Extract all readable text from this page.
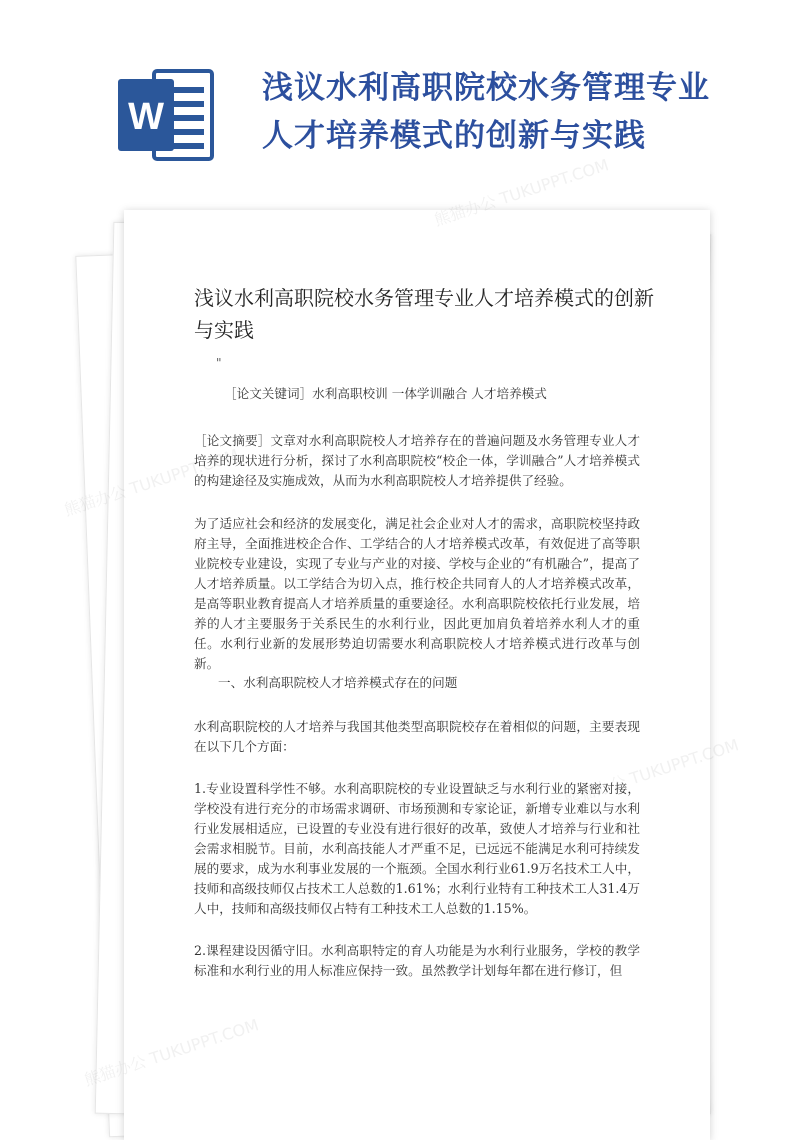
W
浅议水利高职院校水务管理专业人才培养模式的创新与实践
浅议水利高职院校水务管理专业人才培养模式的创新与实践
"
［论文关键词］水利高职校训 一体学训融合 人才培养模式
［论文摘要］文章对水利高职院校人才培养存在的普遍问题及水务管理专业人才培养的现状进行分析，探讨了水利高职院校“校企一体，学训融合”人才培养模式的构建途径及实施成效，从而为水利高职院校人才培养提供了经验。
为了适应社会和经济的发展变化，满足社会企业对人才的需求，高职院校坚持政府主导，全面推进校企合作、工学结合的人才培养模式改革，有效促进了高等职业院校专业建设，实现了专业与产业的对接、学校与企业的“有机融合”，提高了人才培养质量。以工学结合为切入点，推行校企共同育人的人才培养模式改革，是高等职业教育提高人才培养质量的重要途径。水利高职院校依托行业发展，培养的人才主要服务于关系民生的水利行业，因此更加肩负着培养水利人才的重任。水利行业新的发展形势迫切需要水利高职院校人才培养模式进行改革与创新。
一、水利高职院校人才培养模式存在的问题
水利高职院校的人才培养与我国其他类型高职院校存在着相似的问题，主要表现在以下几个方面：
1.专业设置科学性不够。水利高职院校的专业设置缺乏与水利行业的紧密对接，学校没有进行充分的市场需求调研、市场预测和专家论证，新增专业难以与水利行业发展相适应，已设置的专业没有进行很好的改革，致使人才培养与行业和社会需求相脱节。目前，水利高技能人才严重不足，已远远不能满足水利可持续发展的要求，成为水利事业发展的一个瓶颈。全国水利行业61.9万名技术工人中，技师和高级技师仅占技术工人总数的1.61%；水利行业特有工种技术工人31.4万人中，技师和高级技师仅占特有工种技术工人总数的1.15%。
2.课程建设因循守旧。水利高职特定的育人功能是为水利行业服务，学校的教学标准和水利行业的用人标准应保持一致。虽然教学计划每年都在进行修订，但
熊猫办公 TUKUPPT.COM
